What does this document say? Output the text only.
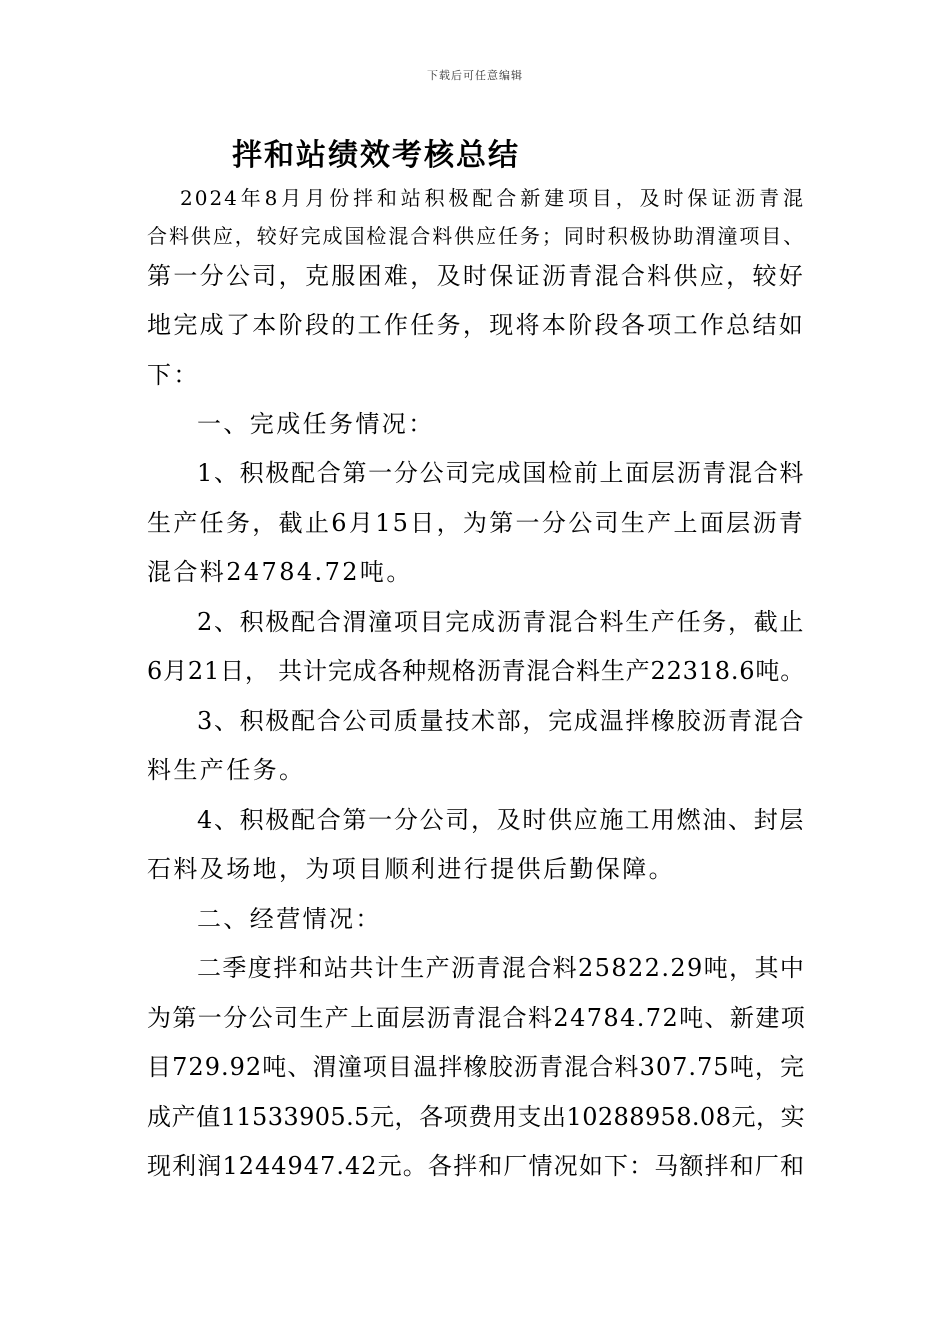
下载后可任意编辑
拌和站绩效考核总结
2024年8月月份拌和站积极配合新建项目，及时保证沥青混
合料供应，较好完成国检混合料供应任务；同时积极协助渭潼项目、
第一分公司，克服困难，及时保证沥青混合料供应，较好
地完成了本阶段的工作任务，现将本阶段各项工作总结如
下：
一、完成任务情况：
1、积极配合第一分公司完成国检前上面层沥青混合料
生产任务，截止6月15日，为第一分公司生产上面层沥青
混合料24784.72吨。
2、积极配合渭潼项目完成沥青混合料生产任务，截止
6月21日， 共计完成各种规格沥青混合料生产22318.6吨。
3、积极配合公司质量技术部，完成温拌橡胶沥青混合
料生产任务。
4、积极配合第一分公司，及时供应施工用燃油、封层
石料及场地，为项目顺利进行提供后勤保障。
二、经营情况：
二季度拌和站共计生产沥青混合料25822.29吨，其中
为第一分公司生产上面层沥青混合料24784.72吨、新建项
目729.92吨、渭潼项目温拌橡胶沥青混合料307.75吨，完
成产值11533905.5元，各项费用支出10288958.08元，实
现利润1244947.42元。各拌和厂情况如下：马额拌和厂和
